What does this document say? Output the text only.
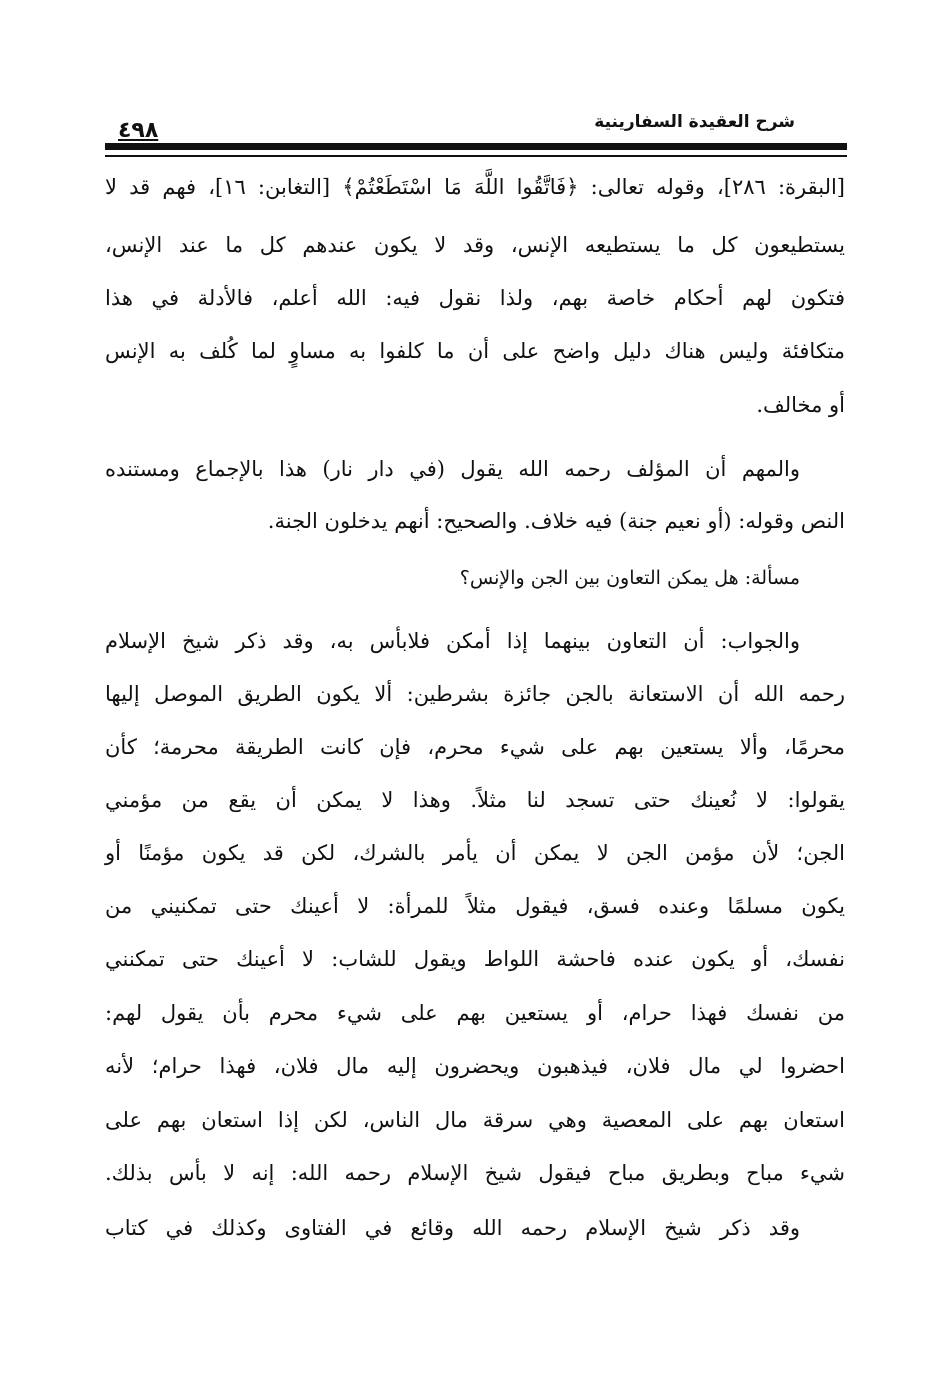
شرح العقيدة السفارينية
٤٩٨
[البقرة: ٢٨٦]، وقوله تعالى: ﴿فَاتَّقُوا اللَّهَ مَا اسْتَطَعْتُمْ﴾ [التغابن: ١٦]، فهم قد لا
يستطيعون كل ما يستطيعه الإنس، وقد لا يكون عندهم كل ما عند الإنس،
فتكون لهم أحكام خاصة بهم، ولذا نقول فيه: الله أعلم، فالأدلة في هذا
متكافئة وليس هناك دليل واضح على أن ما كلفوا به مساوٍ لما كُلف به الإنس
أو مخالف.
والمهم أن المؤلف رحمه الله يقول (في دار نار) هذا بالإجماع ومستنده
النص وقوله: (أو نعيم جنة) فيه خلاف. والصحيح: أنهم يدخلون الجنة.
مسألة: هل يمكن التعاون بين الجن والإنس؟
والجواب: أن التعاون بينهما إذا أمكن فلابأس به، وقد ذكر شيخ الإسلام
رحمه الله أن الاستعانة بالجن جائزة بشرطين: ألا يكون الطريق الموصل إليها
محرمًا، وألا يستعين بهم على شيء محرم، فإن كانت الطريقة محرمة؛ كأن
يقولوا: لا نُعينك حتى تسجد لنا مثلاً. وهذا لا يمكن أن يقع من مؤمني
الجن؛ لأن مؤمن الجن لا يمكن أن يأمر بالشرك، لكن قد يكون مؤمنًا أو
يكون مسلمًا وعنده فسق، فيقول مثلاً للمرأة: لا أعينك حتى تمكنيني من
نفسك، أو يكون عنده فاحشة اللواط ويقول للشاب: لا أعينك حتى تمكنني
من نفسك فهذا حرام، أو يستعين بهم على شيء محرم بأن يقول لهم:
احضروا لي مال فلان، فيذهبون ويحضرون إليه مال فلان، فهذا حرام؛ لأنه
استعان بهم على المعصية وهي سرقة مال الناس، لكن إذا استعان بهم على
شيء مباح وبطريق مباح فيقول شيخ الإسلام رحمه الله: إنه لا بأس بذلك.
وقد ذكر شيخ الإسلام رحمه الله وقائع في الفتاوى وكذلك في كتاب
